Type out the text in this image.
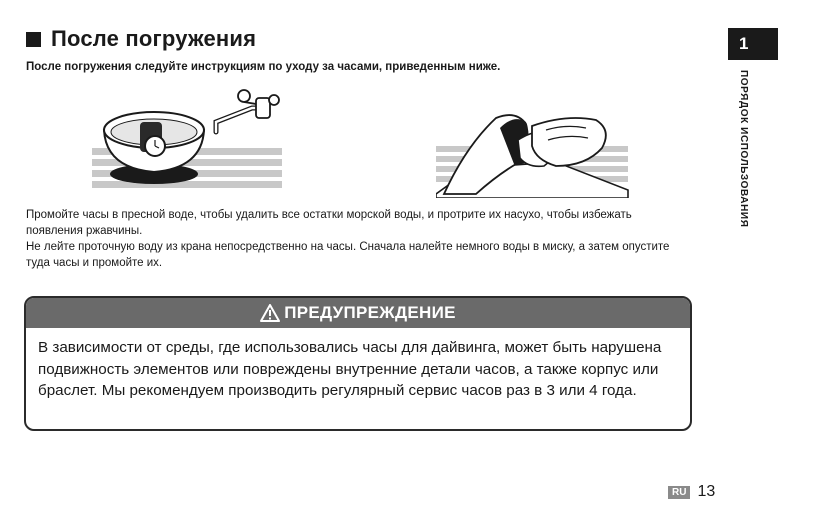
После погружения
После погружения следуйте инструкциям по уходу за часами, приведенным ниже.

Промойте часы в пресной воде, чтобы удалить все остатки морской воды, и протрите их насухо, чтобы избежать появления ржавчины.

Не лейте проточную воду из крана непосредственно на часы. Сначала налейте немного воды в миску, а затем опустите туда часы и промойте их.

ПРЕДУПРЕЖДЕНИЕ
В зависимости от среды, где использовались часы для дайвинга, может быть нарушена подвижность элементов или повреждены внутренние детали часов, а также корпус или браслет. Мы рекомендуем производить регулярный сервис часов раз в 3 или 4 года.
1
ПОРЯДОК ИСПОЛЬЗОВАНИЯ
RU 13
